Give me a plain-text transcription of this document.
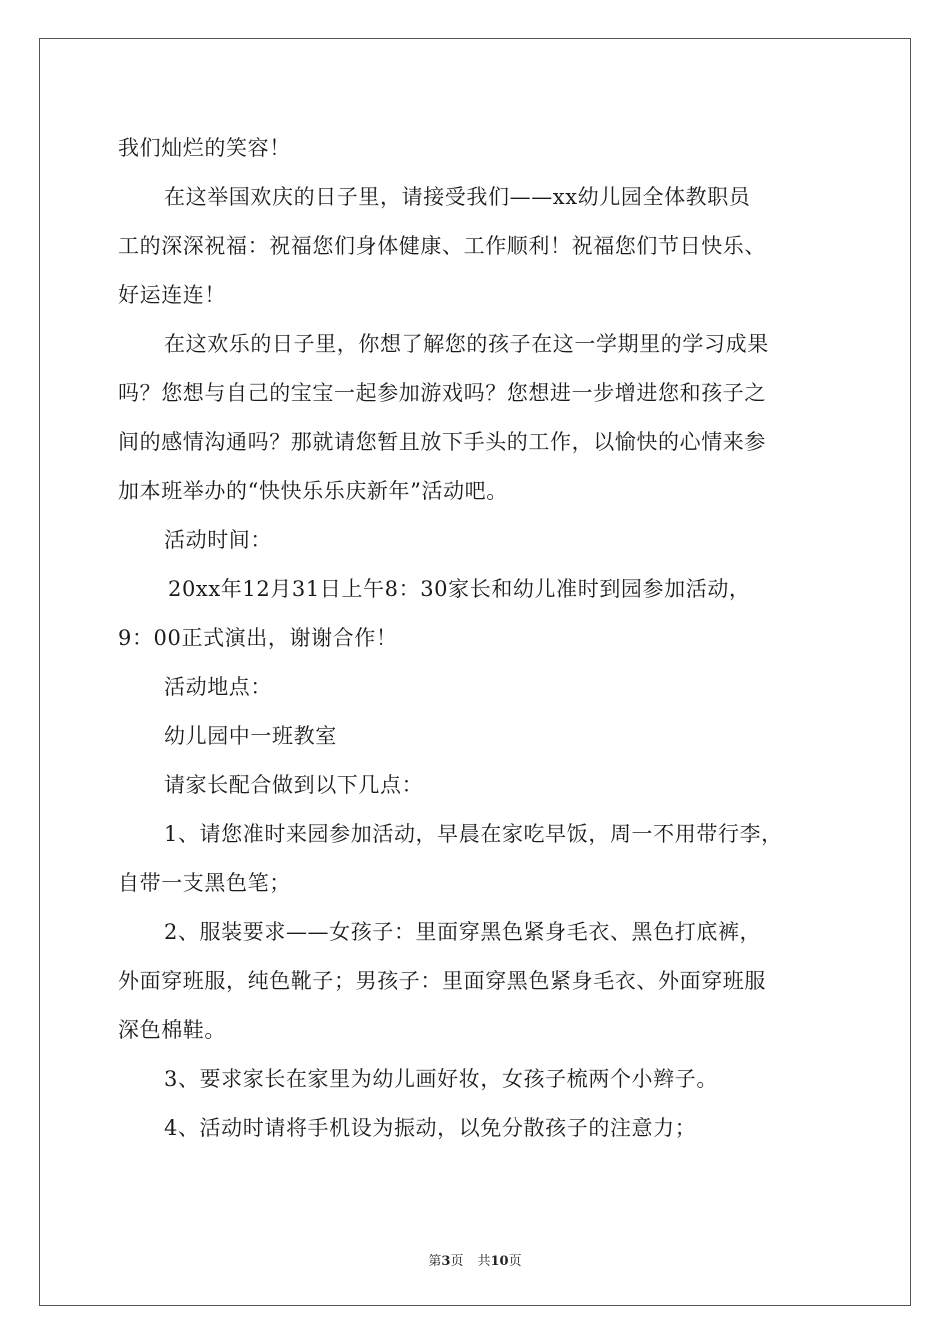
我们灿烂的笑容！
在这举国欢庆的日子里，请接受我们——xx幼儿园全体教职员
工的深深祝福：祝福您们身体健康、工作顺利！祝福您们节日快乐、
好运连连！
在这欢乐的日子里，你想了解您的孩子在这一学期里的学习成果
吗？您想与自己的宝宝一起参加游戏吗？您想进一步增进您和孩子之
间的感情沟通吗？那就请您暂且放下手头的工作，以愉快的心情来参
加本班举办的“快快乐乐庆新年”活动吧。
活动时间：
20xx年12月31日上午8：30家长和幼儿准时到园参加活动，
9：00正式演出，谢谢合作！
活动地点：
幼儿园中一班教室
请家长配合做到以下几点：
1、请您准时来园参加活动，早晨在家吃早饭，周一不用带行李，
自带一支黑色笔；
2、服装要求——女孩子：里面穿黑色紧身毛衣、黑色打底裤，
外面穿班服，纯色靴子；男孩子：里面穿黑色紧身毛衣、外面穿班服
深色棉鞋。
3、要求家长在家里为幼儿画好妆，女孩子梳两个小辫子。
4、活动时请将手机设为振动，以免分散孩子的注意力；
第3页 共10页
